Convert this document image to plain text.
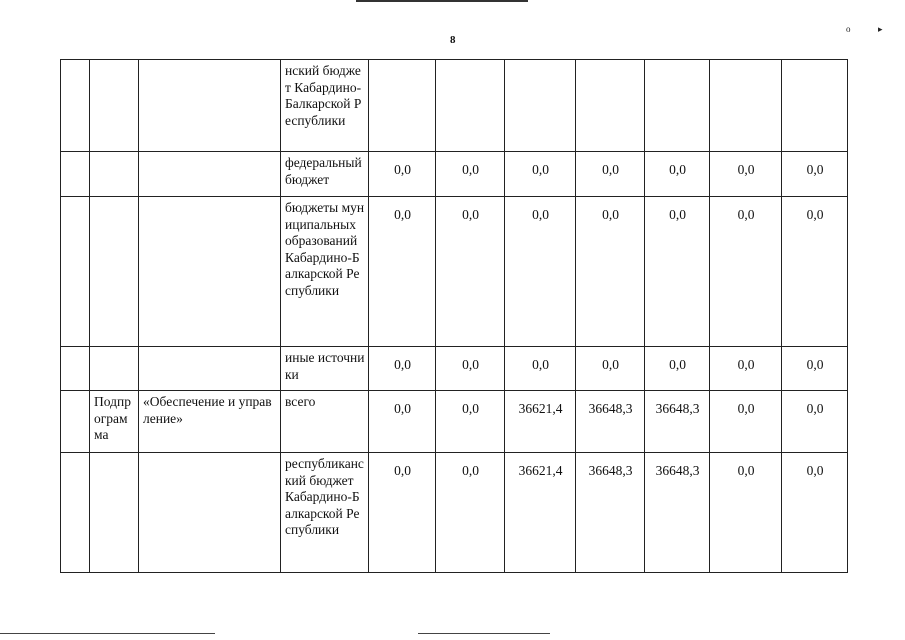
8
о	▸
			нский бюджет Кабардино-Балкарской Республики							
			федеральный бюджет	0,0	0,0	0,0	0,0	0,0	0,0	0,0
			бюджеты муниципальных образований Кабардино-Балкарской Республики	0,0	0,0	0,0	0,0	0,0	0,0	0,0
			иные источники	0,0	0,0	0,0	0,0	0,0	0,0	0,0
	Подпрограмма	«Обеспечение и управление»	всего	0,0	0,0	36621,4	36648,3	36648,3	0,0	0,0
			республиканский бюджет Кабардино-Балкарской Республики	0,0	0,0	36621,4	36648,3	36648,3	0,0	0,0
